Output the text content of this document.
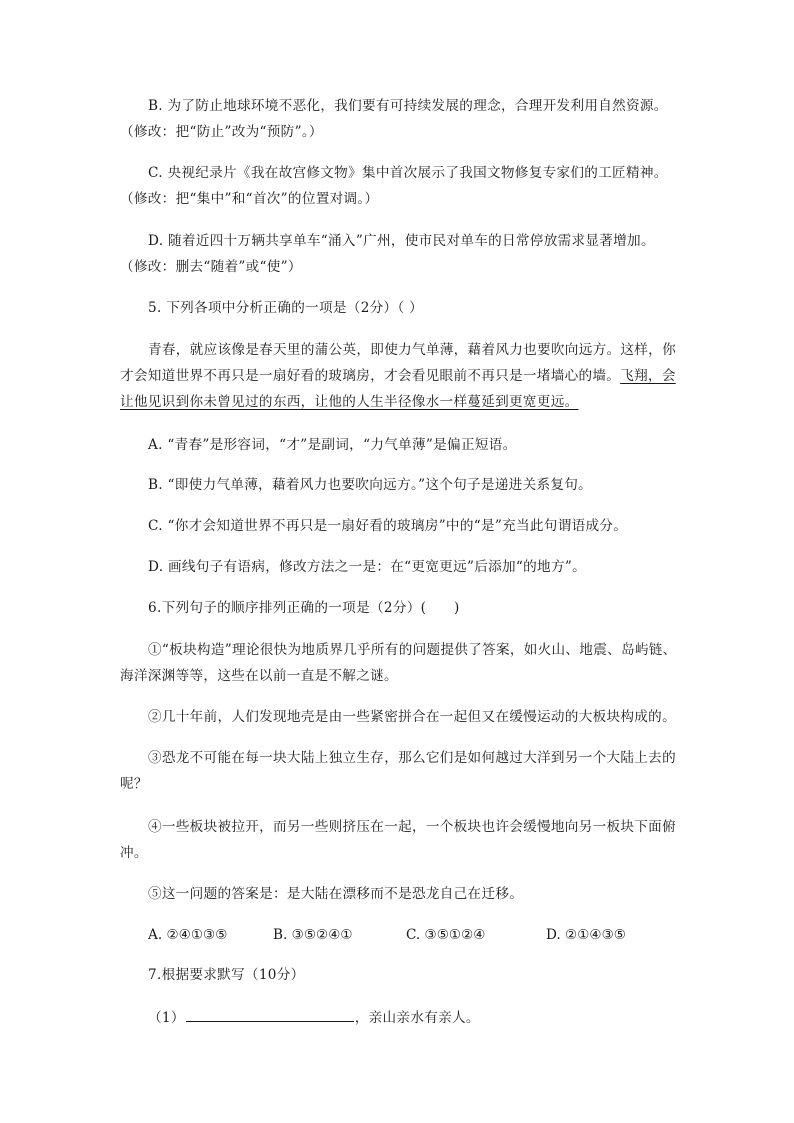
B. 为了防止地球环境不恶化，我们要有可持续发展的理念，合理开发利用自然资源。
（修改：把“防止”改为“预防”。）
C. 央视纪录片《我在故宫修文物》集中首次展示了我国文物修复专家们的工匠精神。
（修改：把“集中”和“首次”的位置对调。）
D. 随着近四十万辆共享单车“涌入”广州，使市民对单车的日常停放需求显著增加。
（修改：删去“随着”或“使”）
5. 下列各项中分析正确的一项是（2分）（ ）
青春，就应该像是春天里的蒲公英，即使力气单薄，藉着风力也要吹向远方。这样，你
才会知道世界不再只是一扇好看的玻璃房，才会看见眼前不再只是一堵墙心的墙。飞翔，会
让他见识到你未曾见过的东西，让他的人生半径像水一样蔓延到更宽更远。
A. “青春”是形容词，“才”是副词，“力气单薄”是偏正短语。
B. “即使力气单薄，藉着风力也要吹向远方。”这个句子是递进关系复句。
C. “你才会知道世界不再只是一扇好看的玻璃房”中的“是”充当此句谓语成分。
D. 画线句子有语病，修改方法之一是：在“更宽更远”后添加“的地方”。
6.下列句子的顺序排列正确的一项是（2分）(　　)
①“板块构造”理论很快为地质界几乎所有的问题提供了答案，如火山、地震、岛屿链、
海洋深渊等等，这些在以前一直是不解之谜。
②几十年前，人们发现地壳是由一些紧密拼合在一起但又在缓慢运动的大板块构成的。
③恐龙不可能在每一块大陆上独立生存，那么它们是如何越过大洋到另一个大陆上去的
呢？
④一些板块被拉开，而另一些则挤压在一起，一个板块也许会缓慢地向另一板块下面俯
冲。
⑤这一问题的答案是：是大陆在漂移而不是恐龙自己在迁移。
A. ②④①③⑤	B. ③⑤②④①	C. ③⑤①②④	D. ②①④③⑤
7.根据要求默写（10分）
（1）	，亲山亲水有亲人。
